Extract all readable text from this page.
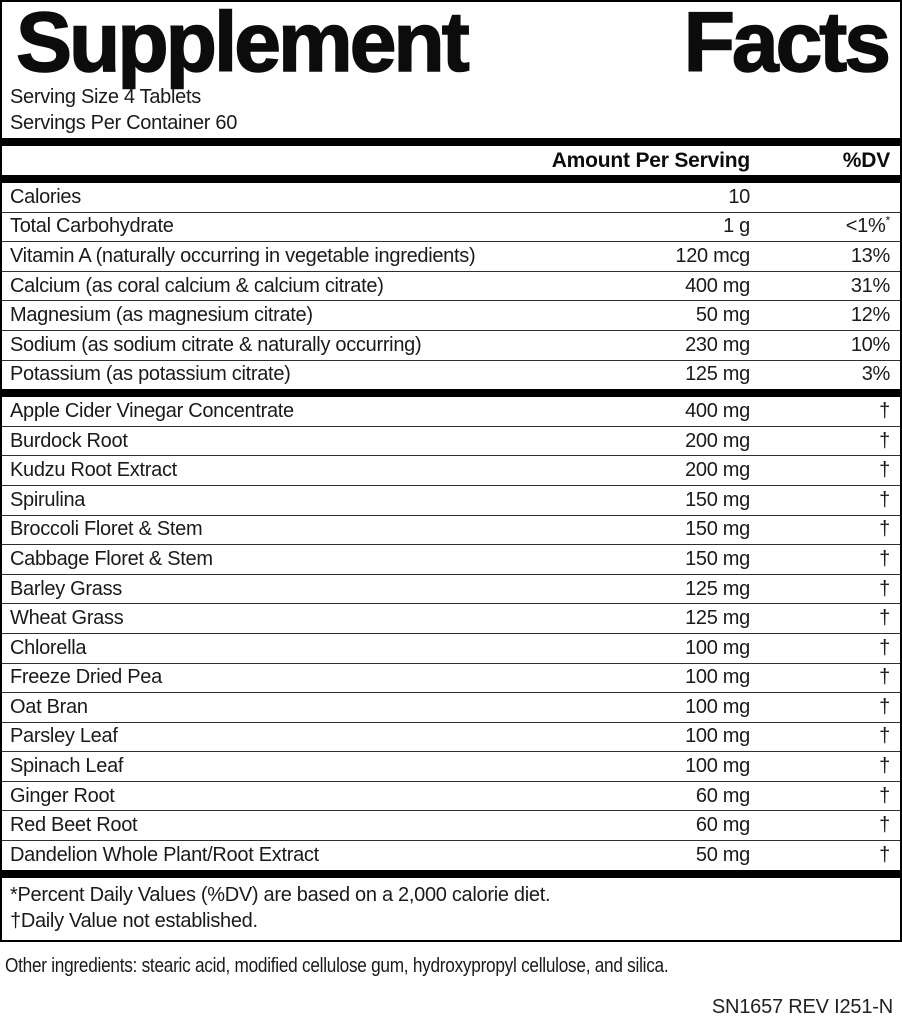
Supplement	Facts
Serving Size 4 Tablets
Servings Per Container 60
Amount Per Serving	%DV
Calories	10
Total Carbohydrate	1 g	<1%*
Vitamin A (naturally occurring in vegetable ingredients)	120 mcg	13%
Calcium (as coral calcium & calcium citrate)	400 mg	31%
Magnesium (as magnesium citrate)	50 mg	12%
Sodium (as sodium citrate & naturally occurring)	230 mg	10%
Potassium (as potassium citrate)	125 mg	3%
Apple Cider Vinegar Concentrate	400 mg	†
Burdock Root	200 mg	†
Kudzu Root Extract	200 mg	†
Spirulina	150 mg	†
Broccoli Floret & Stem	150 mg	†
Cabbage Floret & Stem	150 mg	†
Barley Grass	125 mg	†
Wheat Grass	125 mg	†
Chlorella	100 mg	†
Freeze Dried Pea	100 mg	†
Oat Bran	100 mg	†
Parsley Leaf	100 mg	†
Spinach Leaf	100 mg	†
Ginger Root	60 mg	†
Red Beet Root	60 mg	†
Dandelion Whole Plant/Root Extract	50 mg	†
*Percent Daily Values (%DV) are based on a 2,000 calorie diet.
†Daily Value not established.
Other ingredients: stearic acid, modified cellulose gum, hydroxypropyl cellulose, and silica.
SN1657 REV I251-N
